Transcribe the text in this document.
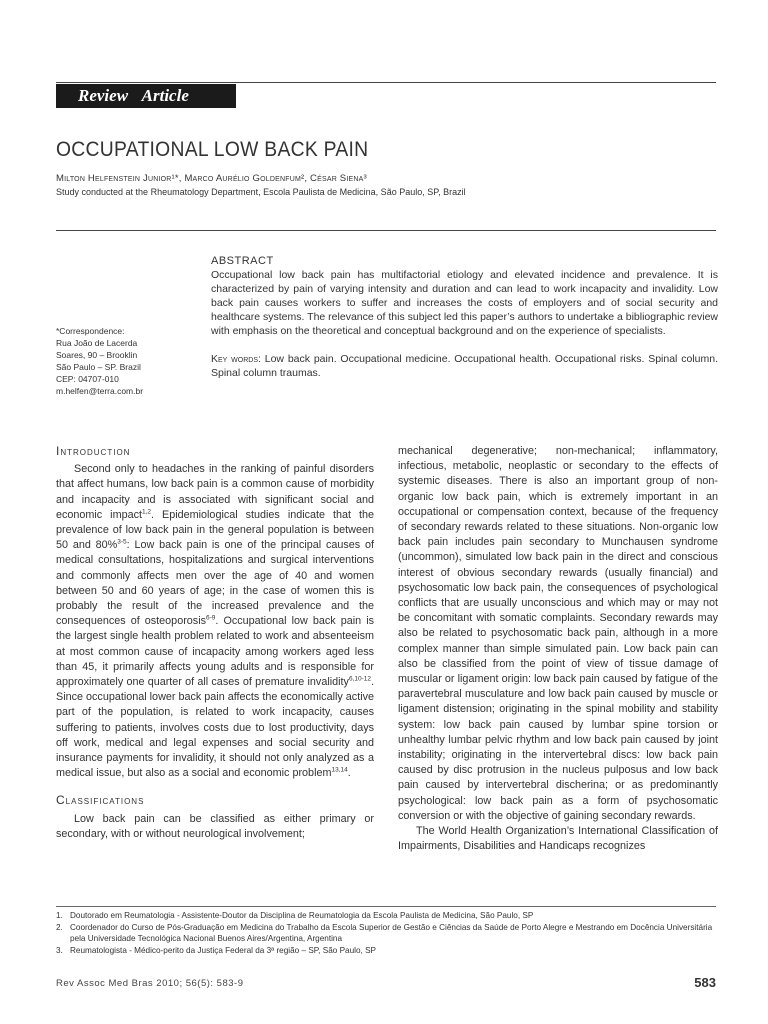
Review Article
OCCUPATIONAL LOW BACK PAIN
Milton Helfenstein Junior¹*, Marco Aurélio Goldenfum², César Siena³
Study conducted at the Rheumatology Department, Escola Paulista de Medicina, São Paulo, SP, Brazil
*Correspondence:
Rua João de Lacerda
Soares, 90 – Brooklin
São Paulo – SP. Brazil
CEP: 04707-010
m.helfen@terra.com.br
ABSTRACT

Occupational low back pain has multifactorial etiology and elevated incidence and prevalence. It is characterized by pain of varying intensity and duration and can lead to work incapacity and invalidity. Low back pain causes workers to suffer and increases the costs of employers and of social security and healthcare systems. The relevance of this subject led this paper’s authors to undertake a bibliographic review with emphasis on the theoretical and conceptual background and on the experience of specialists.

Key words: Low back pain. Occupational medicine. Occupational health. Occupational risks. Spinal column. Spinal column traumas.

Introduction

Second only to headaches in the ranking of painful disorders that affect humans, low back pain is a common cause of morbidity and incapacity and is associated with significant social and economic impact$^{1,2}$. Epidemiological studies indicate that the prevalence of low back pain in the general population is between 50 and 80%$^{3-5}$: Low back pain is one of the principal causes of medical consultations, hospitalizations and surgical interventions and commonly affects men over the age of 40 and women between 50 and 60 years of age; in the case of women this is probably the result of the increased prevalence and the consequences of osteoporosis$^{6-9}$. Occupational low back pain is the largest single health problem related to work and absenteeism at most common cause of incapacity among workers aged less than 45, it primarily affects young adults and is responsible for approximately one quarter of all cases of premature invalidity$^{6,10-12}$. Since occupational lower back pain affects the economically active part of the population, is related to work incapacity, causes suffering to patients, involves costs due to lost productivity, days off work, medical and legal expenses and social security and insurance payments for invalidity, it should not only analyzed as a medical issue, but also as a social and economic problem$^{13,14}$.

Classifications

Low back pain can be classified as either primary or secondary, with or without neurological involvement;

mechanical degenerative; non-mechanical; inflammatory, infectious, metabolic, neoplastic or secondary to the effects of systemic diseases. There is also an important group of non-organic low back pain, which is extremely important in an occupational or compensation context, because of the frequency of secondary rewards related to these situations. Non-organic low back pain includes pain secondary to Munchausen syndrome (uncommon), simulated low back pain in the direct and conscious interest of obvious secondary rewards (usually financial) and psychosomatic low back pain, the consequences of psychological conflicts that are usually unconscious and which may or may not be concomitant with somatic complaints. Secondary rewards may also be related to psychosomatic back pain, although in a more complex manner than simple simulated pain. Low back pain can also be classified from the point of view of tissue damage of muscular or ligament origin: low back pain caused by fatigue of the paravertebral musculature and low back pain caused by muscle or ligament distension; originating in the spinal mobility and stability system: low back pain caused by lumbar spine torsion or unhealthy lumbar pelvic rhythm and low back pain caused by joint instability; originating in the intervertebral discs: low back pain caused by disc protrusion in the nucleus pulposus and low back pain caused by intervertebral discherina; or as predominantly psychological: low back pain as a form of psychosomatic conversion or with the objective of gaining secondary rewards.

The World Health Organization’s International Classification of Impairments, Disabilities and Handicaps recognizes

1. Doutorado em Reumatologia - Assistente-Doutor da Disciplina de Reumatologia da Escola Paulista de Medicina, São Paulo, SP
2. Coordenador do Curso de Pós-Graduação em Medicina do Trabalho da Escola Superior de Gestão e Ciências da Saúde de Porto Alegre e Mestrando em Docência Universitária pela Universidade Tecnológica Nacional Buenos Aires/Argentina, Argentina
3. Reumatologista - Médico-perito da Justiça Federal da 3ª região – SP, São Paulo, SP
Rev Assoc Med Bras 2010; 56(5): 583-9	583
